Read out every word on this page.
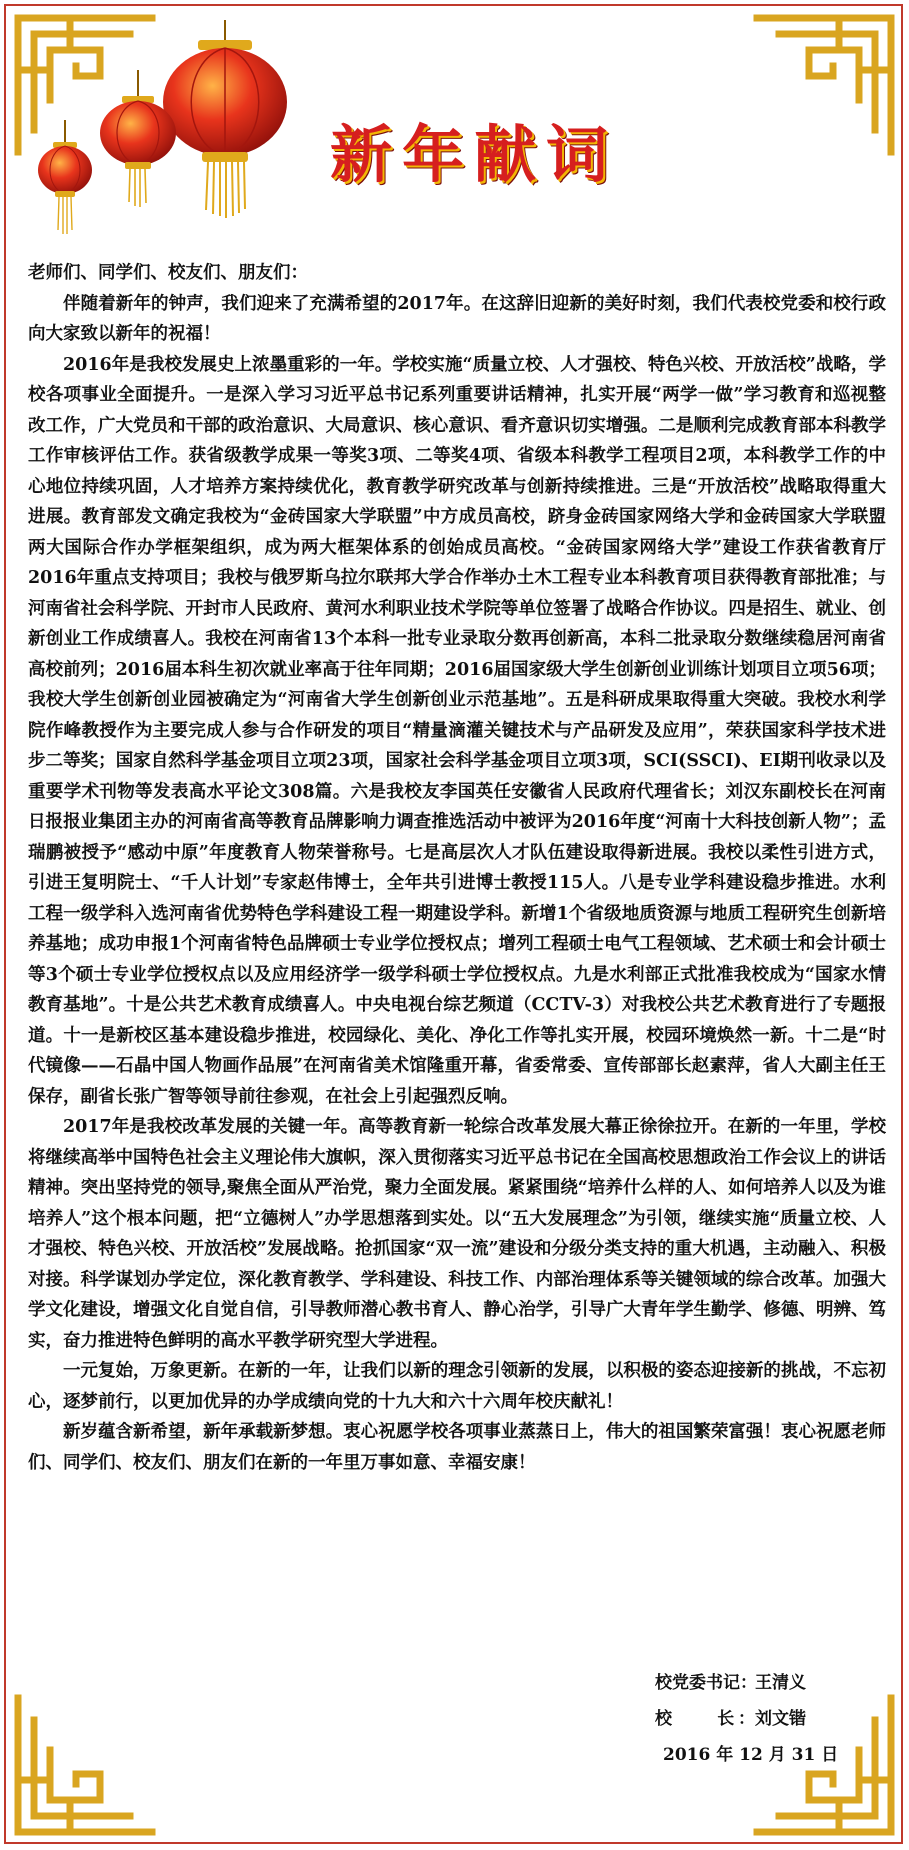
新年献词

老师们、同学们、校友们、朋友们：

伴随着新年的钟声，我们迎来了充满希望的2017年。在这辞旧迎新的美好时刻，我们代表校党委和校行政向大家致以新年的祝福！

2016年是我校发展史上浓墨重彩的一年。学校实施“质量立校、人才强校、特色兴校、开放活校”战略，学校各项事业全面提升。一是深入学习习近平总书记系列重要讲话精神，扎实开展“两学一做”学习教育和巡视整改工作，广大党员和干部的政治意识、大局意识、核心意识、看齐意识切实增强。二是顺利完成教育部本科教学工作审核评估工作。获省级教学成果一等奖3项、二等奖4项、省级本科教学工程项目2项，本科教学工作的中心地位持续巩固，人才培养方案持续优化，教育教学研究改革与创新持续推进。三是“开放活校”战略取得重大进展。教育部发文确定我校为“金砖国家大学联盟”中方成员高校，跻身金砖国家网络大学和金砖国家大学联盟两大国际合作办学框架组织，成为两大框架体系的创始成员高校。“金砖国家网络大学”建设工作获省教育厅2016年重点支持项目；我校与俄罗斯乌拉尔联邦大学合作举办土木工程专业本科教育项目获得教育部批准；与河南省社会科学院、开封市人民政府、黄河水利职业技术学院等单位签署了战略合作协议。四是招生、就业、创新创业工作成绩喜人。我校在河南省13个本科一批专业录取分数再创新高，本科二批录取分数继续稳居河南省高校前列；2016届本科生初次就业率高于往年同期；2016届国家级大学生创新创业训练计划项目立项56项；我校大学生创新创业园被确定为“河南省大学生创新创业示范基地”。五是科研成果取得重大突破。我校水利学院作峰教授作为主要完成人参与合作研发的项目“精量滴灌关键技术与产品研发及应用”，荣获国家科学技术进步二等奖；国家自然科学基金项目立项23项，国家社会科学基金项目立项3项，SCI(SSCI)、EI期刊收录以及重要学术刊物等发表高水平论文308篇。六是我校友李国英任安徽省人民政府代理省长；刘汉东副校长在河南日报报业集团主办的河南省高等教育品牌影响力调查推选活动中被评为2016年度“河南十大科技创新人物”；孟瑞鹏被授予“感动中原”年度教育人物荣誉称号。七是高层次人才队伍建设取得新进展。我校以柔性引进方式，引进王复明院士、“千人计划”专家赵伟博士，全年共引进博士教授115人。八是专业学科建设稳步推进。水利工程一级学科入选河南省优势特色学科建设工程一期建设学科。新增1个省级地质资源与地质工程研究生创新培养基地；成功申报1个河南省特色品牌硕士专业学位授权点；增列工程硕士电气工程领域、艺术硕士和会计硕士等3个硕士专业学位授权点以及应用经济学一级学科硕士学位授权点。九是水利部正式批准我校成为“国家水情教育基地”。十是公共艺术教育成绩喜人。中央电视台综艺频道（CCTV-3）对我校公共艺术教育进行了专题报道。十一是新校区基本建设稳步推进，校园绿化、美化、净化工作等扎实开展，校园环境焕然一新。十二是“时代镜像——石晶中国人物画作品展”在河南省美术馆隆重开幕，省委常委、宣传部部长赵素萍，省人大副主任王保存，副省长张广智等领导前往参观，在社会上引起强烈反响。

2017年是我校改革发展的关键一年。高等教育新一轮综合改革发展大幕正徐徐拉开。在新的一年里，学校将继续高举中国特色社会主义理论伟大旗帜，深入贯彻落实习近平总书记在全国高校思想政治工作会议上的讲话精神。突出坚持党的领导,聚焦全面从严治党，聚力全面发展。紧紧围绕“培养什么样的人、如何培养人以及为谁培养人”这个根本问题，把“立德树人”办学思想落到实处。以“五大发展理念”为引领，继续实施“质量立校、人才强校、特色兴校、开放活校”发展战略。抢抓国家“双一流”建设和分级分类支持的重大机遇，主动融入、积极对接。科学谋划办学定位，深化教育教学、学科建设、科技工作、内部治理体系等关键领域的综合改革。加强大学文化建设，增强文化自觉自信，引导教师潜心教书育人、静心治学，引导广大青年学生勤学、修德、明辨、笃实，奋力推进特色鲜明的高水平教学研究型大学进程。

一元复始，万象更新。在新的一年，让我们以新的理念引领新的发展，以积极的姿态迎接新的挑战，不忘初心，逐梦前行，以更加优异的办学成绩向党的十九大和六十六周年校庆献礼！

新岁蕴含新希望，新年承载新梦想。衷心祝愿学校各项事业蒸蒸日上，伟大的祖国繁荣富强！衷心祝愿老师们、同学们、校友们、朋友们在新的一年里万事如意、幸福安康！

校党委书记：王清义
校　　长：刘文锴
2016 年 12 月 31 日
